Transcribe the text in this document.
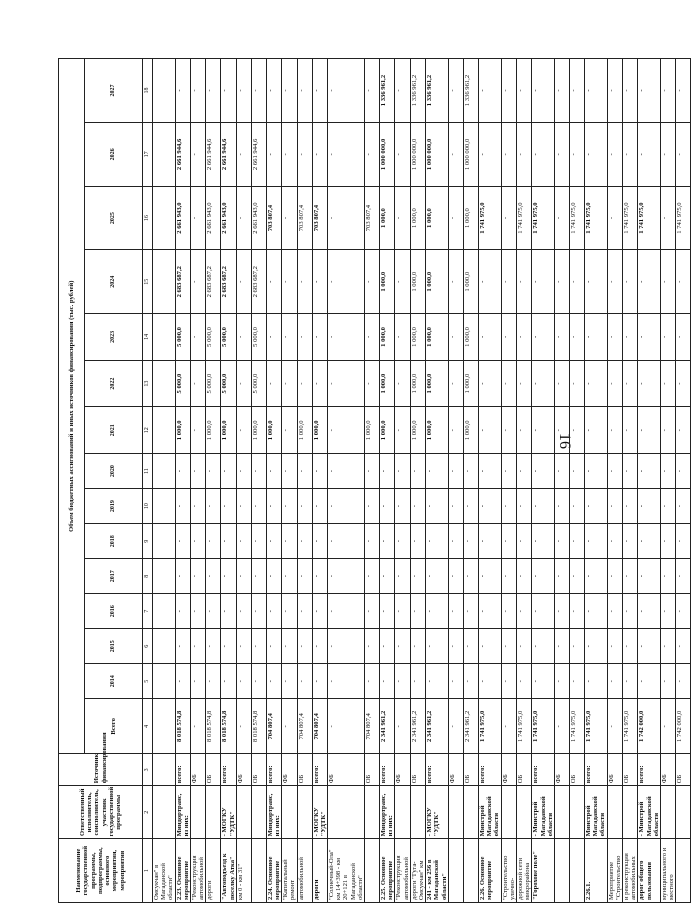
16
Наименование государственной программы, подпрограммы, основного мероприятия, мероприятия	Ответственный исполнитель, соисполнитель, участник государственной программы	Источник финансирования	Объем бюджетных ассигнований и иных источников финансирования (тыс. рублей)														
			Всего	2014	2015	2016	2017	2018	2019	2020	2021	2022	2023	2024	2025	2026	2027
1	2	3	4	5	6	7	8	9	10	11	12	13	14	15	16	17	18
Омсукчан" в Магаданской области"																	
2.23. Основное мероприятие	Миндортранс, из них:	всего:	8 018 574,8	-	-	-	-	-	-	-	1 000,0	5 000,0	5 000,0	2 683 687,2	2 661 943,0	2 661 944,6	-
"Реконструкция автомобильной		ФБ	-	-	-	-	-	-	-	-	-	-	-	-	-	-	-
дороги		ОБ	8 018 574,8	-	-	-	-	-	-	-	1 000,0	5 000,0	5 000,0	2 683 687,2	2 661 943,0	2 661 944,6	-
"Автоподъезд к поселку Атка"	- МОГКУ "УДТК"	всего:	8 018 574,8	-	-	-	-	-	-	-	1 000,0	5 000,0	5 000,0	2 683 687,2	2 661 943,0	2 661 944,6	-
км 0 - км 31"		ФБ	-	-	-	-	-	-	-	-	-	-	-	-	-	-	-
		ОБ	8 018 574,8	-	-	-	-	-	-	-	1 000,0	5 000,0	5 000,0	2 683 687,2	2 661 943,0	2 661 944,6	-
2.24. Основное мероприятие	Миндортранс, из них:	всего:	704 807,4	-	-	-	-	-	-	-	1 000,0	-	-	-	703 807,4	-	-
"Капитальный ремонт		ФБ	-	-	-	-	-	-	-	-	-	-	-	-	-	-	-
автомобильной		ОБ	704 807,4	-	-	-	-	-	-	-	1 000,0	-	-	-	703 807,4	-	-
дороги	- МОГКУ "УДТК"	всего:	704 807,4	-	-	-	-	-	-	-	1 000,0	-	-	-	703 807,4	-	-
"Солнечный-Ола" км 14+398 - км 20+121 в Магаданской области"		ФБ	-	-	-	-	-	-	-	-	-	-	-	-	-	-	-
		ОБ	704 807,4	-	-	-	-	-	-	-	1 000,0	-	-	-	703 807,4	-	-
2.25. Основное мероприятие	Миндортранс, из них:	всего:	2 341 961,2	-	-	-	-	-	-	-	1 000,0	1 000,0	1 000,0	1 000,0	1 000,0	1 000 000,0	1 336 961,2
"Реконструкция автомобильной		ФБ	-	-	-	-	-	-	-	-	-	-	-	-	-	-	-
дороги "Гуга-Омсукчан" км		ОБ	2 341 961,2	-	-	-	-	-	-	-	1 000,0	1 000,0	1 000,0	1 000,0	1 000,0	1 000 000,0	1 336 961,2
241 - км 256 в Магаданской области"	- МОГКУ "УДТК"	всего:	2 341 961,2	-	-	-	-	-	-	-	1 000,0	1 000,0	1 000,0	1 000,0	1 000,0	1 000 000,0	1 336 961,2
		ФБ	-	-	-	-	-	-	-	-	-	-	-	-	-	-	-
		ОБ	2 341 961,2	-	-	-	-	-	-	-	1 000,0	1 000,0	1 000,0	1 000,0	1 000,0	1 000 000,0	1 336 961,2
2.26. Основное мероприятие	Минстрой Магаданской области	всего:	1 741 975,0	-	-	-	-	-	-	-	-	-	-	-	1 741 975,0	-	-
"Строительство улично-		ФБ	-	-	-	-	-	-	-	-	-	-	-	-	-	-	-
дорожной сети микрорайона		ОБ	1 741 975,0	-	-	-	-	-	-	-	-	-	-	-	1 741 975,0	-	-
"Горохове поле"	- Минстрой Магаданской области	всего:	1 741 975,0	-	-	-	-	-	-	-	-	-	-	-	1 741 975,0	-	-
		ФБ	-	-	-	-	-	-	-	-	-	-	-	-	-	-	-
		ОБ	1 741 975,0	-	-	-	-	-	-	-	-	-	-	-	1 741 975,0	-	-
2.26.1.	Минстрой Магаданской области	всего:	1 741 975,0	-	-	-	-	-	-	-	-	-	-	-	1 741 975,0	-	-
Мероприятие "Строительство		ФБ	-	-	-	-	-	-	-	-	-	-	-	-	-	-	-
и реконструкция автомобильных		ОБ	1 741 975,0	-	-	-	-	-	-	-	-	-	-	-	1 741 975,0	-	-
дорог общего пользования	- Минстрой Магаданской области	всего:	1 742 000,0	-	-	-	-	-	-	-	-	-	-	-	1 741 975,0	-	-
муниципального и местного		ФБ	-	-	-	-	-	-	-	-	-	-	-	-	-	-	-
		ОБ	1 742 000,0	-	-	-	-	-	-	-	-	-	-	-	1 741 975,0	-	-
